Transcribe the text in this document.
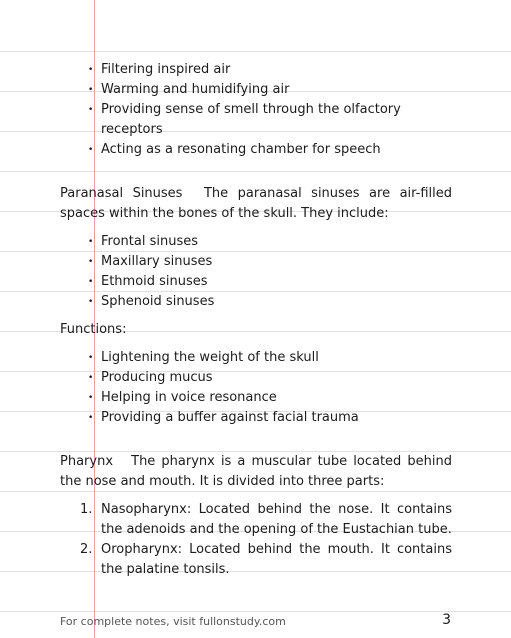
• Filtering inspired air
• Warming and humidifying air
• Providing sense of smell through the olfactory receptors
• Acting as a resonating chamber for speech

Paranasal Sinuses The paranasal sinuses are air-filled spaces within the bones of the skull. They include:

• Frontal sinuses
• Maxillary sinuses
• Ethmoid sinuses
• Sphenoid sinuses
Functions:
• Lightening the weight of the skull
• Producing mucus
• Helping in voice resonance
• Providing a buffer against facial trauma

Pharynx The pharynx is a muscular tube located behind the nose and mouth. It is divided into three parts:

1. Nasopharynx: Located behind the nose. It contains the adenoids and the opening of the Eustachian tube.
2. Oropharynx: Located behind the mouth. It contains the palatine tonsils.
For complete notes, visit fullonstudy.com	3
